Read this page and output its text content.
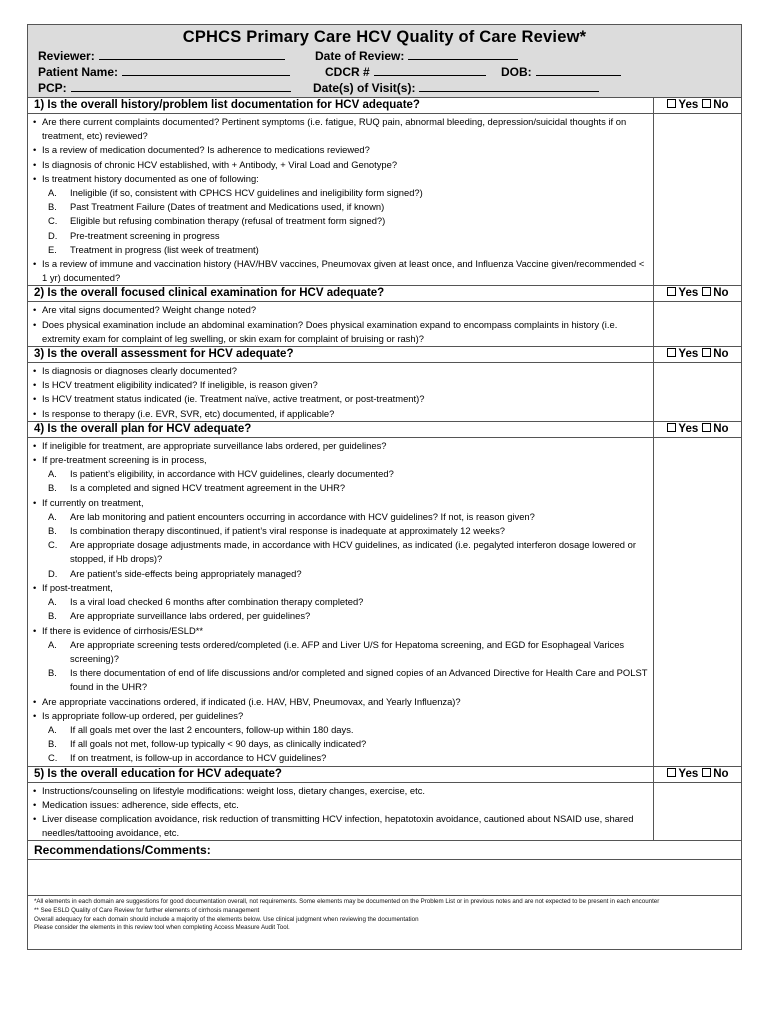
CPHCS Primary Care HCV Quality of Care Review*
Reviewer:	Date of Review:
Patient Name:	CDCR #	DOB:
PCP:	Date(s) of Visit(s):
1) Is the overall history/problem list documentation for HCV adequate?	Yes No
• Are there current complaints documented? Pertinent symptoms (i.e. fatigue, RUQ pain, abnormal bleeding, depression/suicidal thoughts if on treatment, etc) reviewed?
• Is a review of medication documented? Is adherence to medications reviewed?
• Is diagnosis of chronic HCV established, with + Antibody, + Viral Load and Genotype?
• Is treatment history documented as one of following:
A. Ineligible (if so, consistent with CPHCS HCV guidelines and ineligibility form signed?)
B. Past Treatment Failure (Dates of treatment and Medications used, if known)
C. Eligible but refusing combination therapy (refusal of treatment form signed?)
D. Pre-treatment screening in progress
E. Treatment in progress (list week of treatment)
• Is a review of immune and vaccination history (HAV/HBV vaccines, Pneumovax given at least once, and Influenza Vaccine given/recommended < 1 yr) documented?
2) Is the overall focused clinical examination for HCV adequate?	Yes No
• Are vital signs documented? Weight change noted?
• Does physical examination include an abdominal examination? Does physical examination expand to encompass complaints in history (i.e. extremity exam for complaint of leg swelling, or skin exam for complaint of bruising or rash)?
3) Is the overall assessment for HCV adequate?	Yes No
• Is diagnosis or diagnoses clearly documented?
• Is HCV treatment eligibility indicated? If ineligible, is reason given?
• Is HCV treatment status indicated (ie. Treatment naïve, active treatment, or post-treatment)?
• Is response to therapy (i.e. EVR, SVR, etc) documented, if applicable?
4) Is the overall plan for HCV adequate?	Yes No
• If ineligible for treatment, are appropriate surveillance labs ordered, per guidelines?
• If pre-treatment screening is in process,
A. Is patient’s eligibility, in accordance with HCV guidelines, clearly documented?
B. Is a completed and signed HCV treatment agreement in the UHR?
• If currently on treatment,
A. Are lab monitoring and patient encounters occurring in accordance with HCV guidelines? If not, is reason given?
B. Is combination therapy discontinued, if patient’s viral response is inadequate at approximately 12 weeks?
C. Are appropriate dosage adjustments made, in accordance with HCV guidelines, as indicated (i.e. pegalyted interferon dosage lowered or stopped, if Hb drops)?
D. Are patient’s side-effects being appropriately managed?
• If post-treatment,
A. Is a viral load checked 6 months after combination therapy completed?
B. Are appropriate surveillance labs ordered, per guidelines?
• If there is evidence of cirrhosis/ESLD**
A. Are appropriate screening tests ordered/completed (i.e. AFP and Liver U/S for Hepatoma screening, and EGD for Esophageal Varices screening)?
B. Is there documentation of end of life discussions and/or completed and signed copies of an Advanced Directive for Health Care and POLST found in the UHR?
• Are appropriate vaccinations ordered, if indicated (i.e. HAV, HBV, Pneumovax, and Yearly Influenza)?
• Is appropriate follow-up ordered, per guidelines?
A. If all goals met over the last 2 encounters, follow-up within 180 days.
B. If all goals not met, follow-up typically < 90 days, as clinically indicated?
C. If on treatment, is follow-up in accordance to HCV guidelines?
5) Is the overall education for HCV adequate?	Yes No
• Instructions/counseling on lifestyle modifications: weight loss, dietary changes, exercise, etc.
• Medication issues: adherence, side effects, etc.
• Liver disease complication avoidance, risk reduction of transmitting HCV infection, hepatotoxin avoidance, cautioned about NSAID use, shared needles/tattooing avoidance, etc.
Recommendations/Comments:
*All elements in each domain are suggestions for good documentation overall, not requirements. Some elements may be documented on the Problem List or in previous notes and are not expected to be present in each encounter
** See ESLD Quality of Care Review for further elements of cirrhosis management
Overall adequacy for each domain should include a majority of the elements below. Use clinical judgment when reviewing the documentation
Please consider the elements in this review tool when completing Access Measure Audit Tool.
